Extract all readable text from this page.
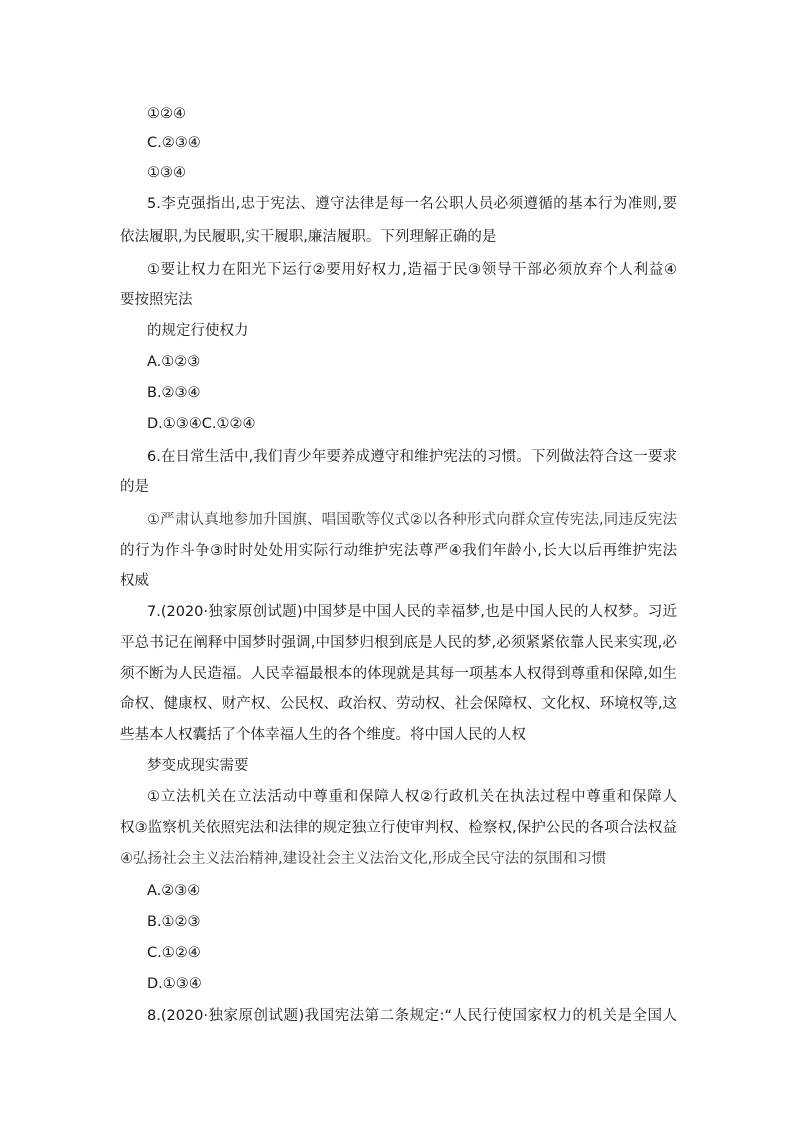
①②④
C.②③④
①③④
5.李克强指出,忠于宪法、遵守法律是每一名公职人员必须遵循的基本行为准则,要
依法履职,为民履职,实干履职,廉洁履职。下列理解正确的是
①要让权力在阳光下运行②要用好权力,造福于民③领导干部必须放弃个人利益④
要按照宪法
的规定行使权力
A.①②③
B.②③④
D.①③④C.①②④
6.在日常生活中,我们青少年要养成遵守和维护宪法的习惯。下列做法符合这一要求
的是
①严肃认真地参加升国旗、唱国歌等仪式②以各种形式向群众宣传宪法,同违反宪法
的行为作斗争③时时处处用实际行动维护宪法尊严④我们年龄小,长大以后再维护宪法
权威
7.(2020·独家原创试题)中国梦是中国人民的幸福梦,也是中国人民的人权梦。习近
平总书记在阐释中国梦时强调,中国梦归根到底是人民的梦,必须紧紧依靠人民来实现,必
须不断为人民造福。人民幸福最根本的体现就是其每一项基本人权得到尊重和保障,如生
命权、健康权、财产权、公民权、政治权、劳动权、社会保障权、文化权、环境权等,这
些基本人权囊括了个体幸福人生的各个维度。将中国人民的人权
梦变成现实需要
①立法机关在立法活动中尊重和保障人权②行政机关在执法过程中尊重和保障人
权③监察机关依照宪法和法律的规定独立行使审判权、检察权,保护公民的各项合法权益
④弘扬社会主义法治精神,建设社会主义法治文化,形成全民守法的氛围和习惯
A.②③④
B.①②③
C.①②④
D.①③④
8.(2020·独家原创试题)我国宪法第二条规定:“人民行使国家权力的机关是全国人
